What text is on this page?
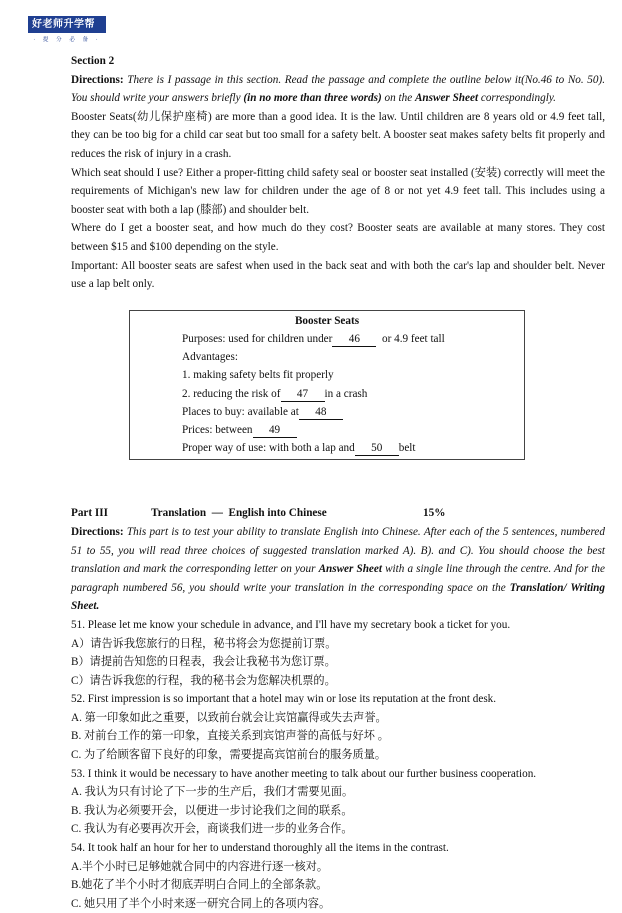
好老师升学帮
· 提 分 必 备 ·

Section 2

Directions: There is I passage in this section. Read the passage and complete the outline below it(No.46 to No. 50). You should write your answers briefly (in no more than three words) on the Answer Sheet correspondingly.

Booster Seats(幼儿保护座椅) are more than a good idea. It is the law. Until children are 8 years old or 4.9 feet tall, they can be too big for a child car seat but too small for a safety belt. A booster seat makes safety belts fit properly and reduces the risk of injury in a crash.

Which seat should I use? Either a proper-fitting child safety seal or booster seat installed (安装) correctly will meet the requirements of Michigan's new law for children under the age of 8 or not yet 4.9 feet tall. This includes using a booster seat with both a lap (膝部) and shoulder belt.

Where do I get a booster seat, and how much do they cost? Booster seats are available at many stores. They cost between $15 and $100 depending on the style.

Important: All booster seats are safest when used in the back seat and with both the car's lap and shoulder belt. Never use a lap belt only.

Booster Seats
Purposes: used for children under 46 or 4.9 feet tall
Advantages:
1. making safety belts fit properly
2. reducing the risk of 47 in a crash
Places to buy: available at 48
Prices: between 49
Proper way of use: with both a lap and 50 belt
Part III	Translation  —  English into Chinese	15%

Directions: This part is to test your ability to translate English into Chinese. After each of the 5 sentences, numbered 51 to 55, you will read three choices of suggested translation marked A). B). and C). You should choose the best translation and mark the corresponding letter on your Answer Sheet with a single line through the centre. And for the paragraph numbered 56, you should write your translation in the corresponding space on the Translation/ Writing Sheet.

51. Please let me know your schedule in advance, and I'll have my secretary book a ticket for you.

A）请告诉我您旅行的日程，秘书将会为您提前订票。

B）请提前告知您的日程表，我会让我秘书为您订票。

C）请告诉我您的行程，我的秘书会为您解决机票的。

52. First impression is so important that a hotel may win or lose its reputation at the front desk.

A. 第一印象如此之重要，以致前台就会让宾馆赢得或失去声誉。

B. 对前台工作的第一印象，直接关系到宾馆声誉的高低与好坏 。

C. 为了给顾客留下良好的印象，需要提高宾馆前台的服务质量。

53. I think it would be necessary to have another meeting to talk about our further business cooperation.

A. 我认为只有讨论了下一步的生产后，我们才需要见面。

B. 我认为必须要开会，以便进一步讨论我们之间的联系。

C. 我认为有必要再次开会，商谈我们进一步的业务合作。

54. It took half an hour for her to understand thoroughly all the items in the contrast.

A.半个小时已足够她就合同中的内容进行逐一核对。

B.她花了半个小时才彻底弄明白合同上的全部条款。

C. 她只用了半个小时来逐一研究合同上的各项内容。
